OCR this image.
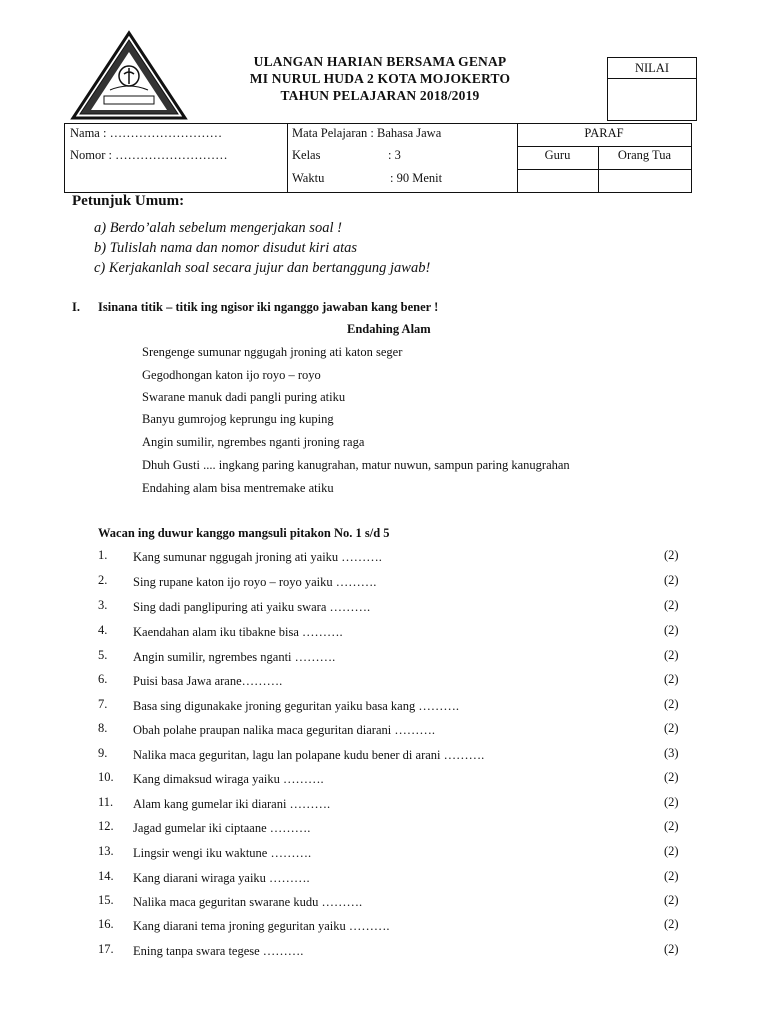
ULANGAN HARIAN BERSAMA GENAP
MI NURUL HUDA 2 KOTA MOJOKERTO
TAHUN PELAJARAN 2018/2019
NILAI
Nama : ………………………
Nomor : ………………………
Mata Pelajaran : Bahasa Jawa
Kelas	: 3
Waktu	: 90 Menit
PARAF
Guru	Orang Tua
Petunjuk Umum:
a) Berdo’alah sebelum mengerjakan soal !
b) Tulislah nama dan nomor disudut kiri atas
c) Kerjakanlah soal secara jujur dan bertanggung jawab!
I. Isinana titik – titik ing ngisor iki nganggo jawaban kang bener !
Endahing Alam
Srengenge sumunar nggugah jroning ati katon seger
Gegodhongan katon ijo royo – royo
Swarane manuk dadi pangli puring atiku
Banyu gumrojog keprungu ing kuping
Angin sumilir, ngrembes nganti jroning raga
Dhuh Gusti .... ingkang paring kanugrahan, matur nuwun, sampun paring kanugrahan
Endahing alam bisa mentremake atiku
Wacan ing duwur kanggo mangsuli pitakon No. 1 s/d 5
1. Kang sumunar nggugah jroning ati yaiku ……….	(2)
2. Sing rupane katon ijo royo – royo yaiku ……….	(2)
3. Sing dadi panglipuring ati yaiku swara ……….	(2)
4. Kaendahan alam iku tibakne bisa ……….	(2)
5. Angin sumilir, ngrembes nganti ……….	(2)
6. Puisi basa Jawa arane……….	(2)
7. Basa sing digunakake jroning geguritan yaiku basa kang ……….	(2)
8. Obah polahe praupan nalika maca geguritan diarani ……….	(2)
9. Nalika maca geguritan, lagu lan polapane kudu bener di arani ……….	(3)
10. Kang dimaksud wiraga yaiku ……….	(2)
11. Alam kang gumelar iki diarani ……….	(2)
12. Jagad gumelar iki ciptaane ……….	(2)
13. Lingsir wengi iku waktune ……….	(2)
14. Kang diarani wiraga yaiku ……….	(2)
15. Nalika maca geguritan swarane kudu ……….	(2)
16. Kang diarani tema jroning geguritan yaiku ……….	(2)
17. Ening tanpa swara tegese ……….	(2)
